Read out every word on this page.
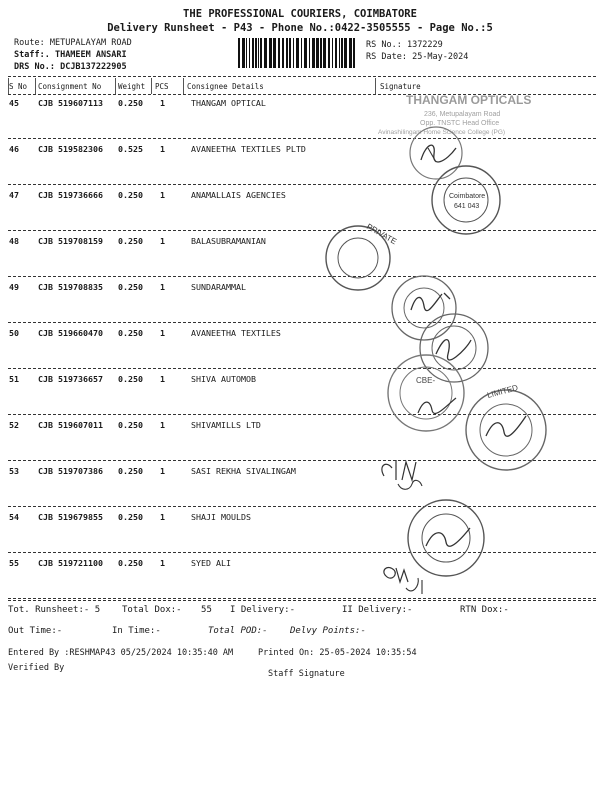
THE PROFESSIONAL COURIERS, COIMBATORE
Delivery Runsheet - P43 - Phone No.:0422-3505555 - Page No.:5
Route: METUPALAYAM ROAD
Staff:. THAMEEM ANSARI
DRS No.: DCJB137222905
RS No.: 1372229
RS Date: 25-May-2024
S No Consignment No Weight PCS Consignee Details	Signature
45 CJB 519607113 0.250 1	THANGAM OPTICAL
46 CJB 519582306 0.525 1	AVANEETHA TEXTILES PLTD
47 CJB 519736666 0.250 1	ANAMALLAIS AGENCIES
48 CJB 519708159 0.250 1	BALASUBRAMANIAN
49 CJB 519708835 0.250 1	SUNDARAMMAL
50 CJB 519660470 0.250 1	AVANEETHA TEXTILES
51 CJB 519736657 0.250 1	SHIVA AUTOMOB
52 CJB 519607011 0.250 1	SHIVAMILLS LTD
53 CJB 519707386 0.250 1	SASI REKHA SIVALINGAM
54 CJB 519679855 0.250 1	SHAJI MOULDS
55 CJB 519721100 0.250 1	SYED ALI
THANGAM OPTICALS
236, Metupalayam Road
Opp. TNSTC Head Office
Avinashilingam Home Science College (PG)
Coimbatore
641 043
PRIVATE
CBE-
LIMITED
Tot. Runsheet:- 5 Total Dox:- 55 I Delivery:-	II Delivery:-	RTN Dox:-
Out Time:-	In Time:-	Total POD:- Delvy Points:-
Entered By :RESHMAP43 05/25/2024 10:35:40 AM	Printed On: 25-05-2024 10:35:54
Verified By
Staff Signature
